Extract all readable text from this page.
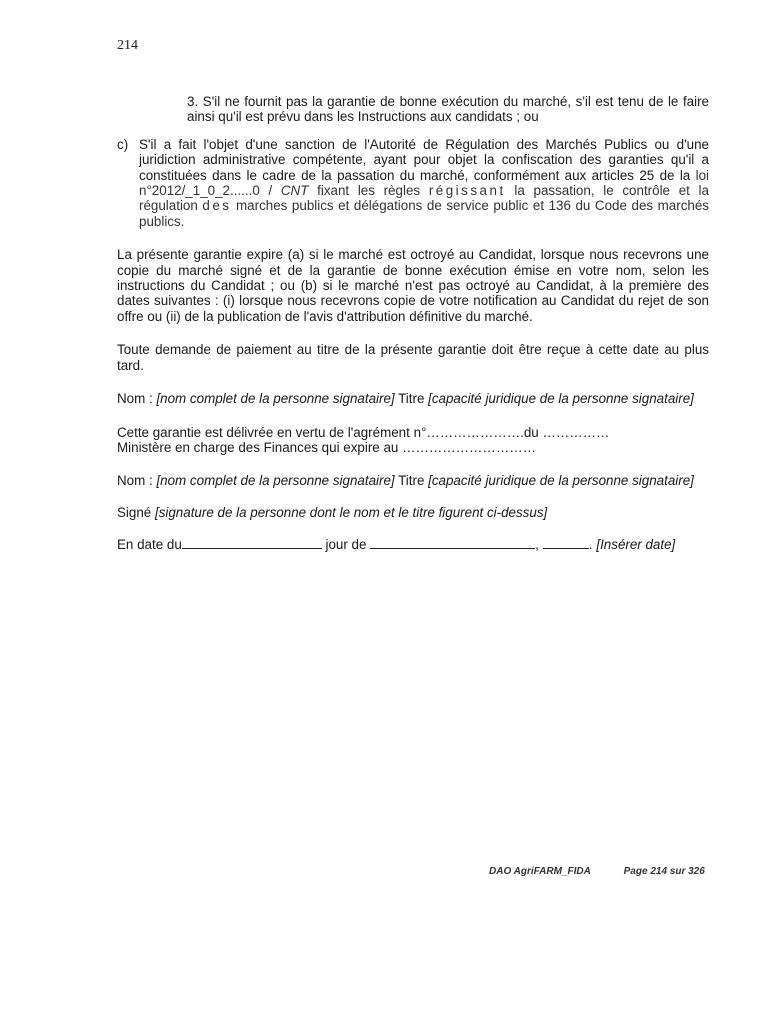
214

3. S'il ne fournit pas la garantie de bonne exécution du marché, s'il est tenu de le faire ainsi qu'il est prévu dans les Instructions aux candidats ; ou

c) S'il a fait l'objet d'une sanction de l'Autorité de Régulation des Marchés Publics ou d'une juridiction administrative compétente, ayant pour objet la confiscation des garanties qu'il a constituées dans le cadre de la passation du marché, conformément aux articles 25 de la loi n°2012/_1_0_2......0 / CNT fixant les règles régissant la passation, le contrôle et la régulation des marches publics et délégations de service public et 136 du Code des marchés publics.

La présente garantie expire (a) si le marché est octroyé au Candidat, lorsque nous recevrons une copie du marché signé et de la garantie de bonne exécution émise en votre nom, selon les instructions du Candidat ; ou (b) si le marché n'est pas octroyé au Candidat, à la première des dates suivantes : (i) lorsque nous recevrons copie de votre notification au Candidat du rejet de son offre ou (ii) de la publication de l'avis d'attribution définitive du marché.

Toute demande de paiement au titre de la présente garantie doit être reçue à cette date au plus tard.

Nom : [nom complet de la personne signataire] Titre [capacité juridique de la personne signataire]

Cette garantie est délivrée en vertu de l'agrément n°………………….du ……………
Ministère en charge des Finances qui expire au …………………………

Nom : [nom complet de la personne signataire] Titre [capacité juridique de la personne signataire]

Signé [signature de la personne dont le nom et le titre figurent ci-dessus]

En date du	jour de	,	. [Insérer date]

DAO AgriFARM_FIDA	Page 214 sur 326
